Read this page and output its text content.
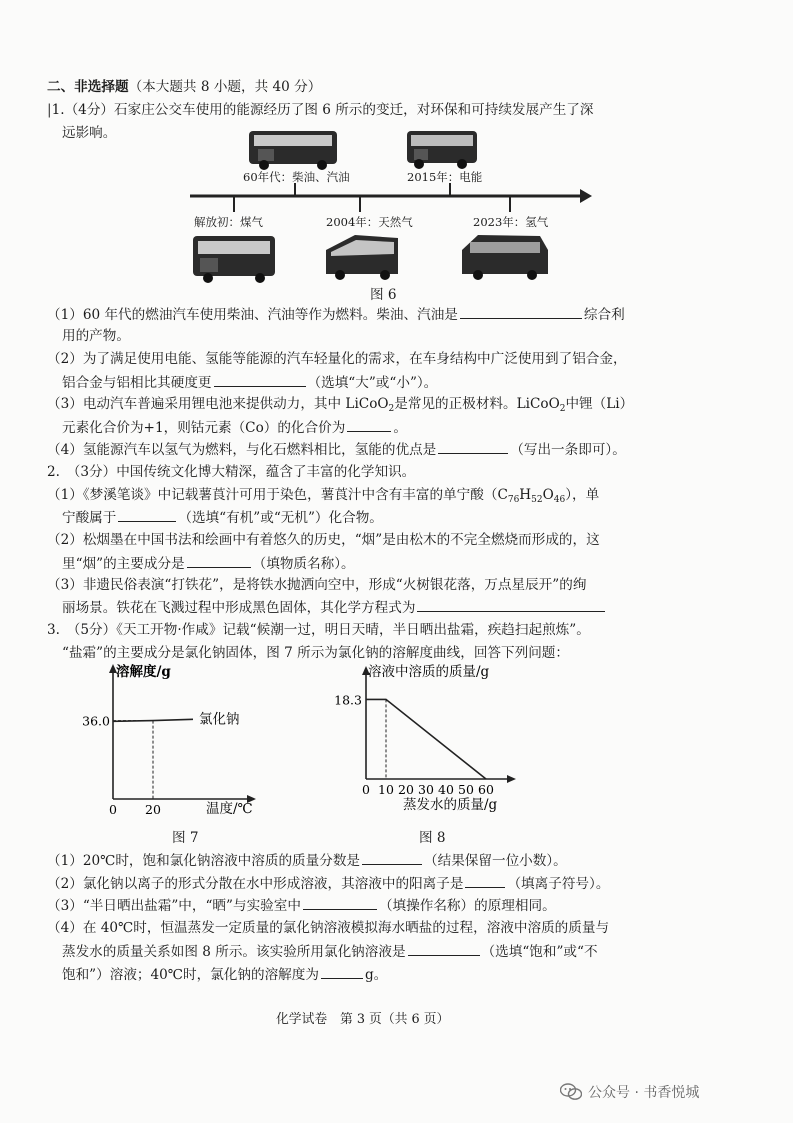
二、非选择题（本大题共 8 小题，共 40 分）
|1.（4分）石家庄公交车使用的能源经历了图 6 所示的变迁，对环保和可持续发展产生了深
远影响。
60年代：柴油、汽油	2015年：电能
解放初：煤气	2004年：天然气	2023年：氢气
图 6
（1）60 年代的燃油汽车使用柴油、汽油等作为燃料。柴油、汽油是	综合利
用的产物。
（2）为了满足使用电能、氢能等能源的汽车轻量化的需求，在车身结构中广泛使用到了铝合金，
铝合金与铝相比其硬度更	（选填“大”或“小”）。
（3）电动汽车普遍采用锂电池来提供动力，其中 LiCoO$_2$是常见的正极材料。LiCoO$_2$中锂（Li）
元素化合价为+1，则钴元素（Co）的化合价为	。
（4）氢能源汽车以氢气为燃料，与化石燃料相比，氢能的优点是	（写出一条即可）。
2.　（3分）中国传统文化博大精深，蕴含了丰富的化学知识。
（1）《梦溪笔谈》中记载薯莨汁可用于染色，薯莨汁中含有丰富的单宁酸$(C_{76}H_{52}O_{46})$，单
宁酸属于	（选填“有机”或“无机”）化合物。
（2）松烟墨在中国书法和绘画中有着悠久的历史，“烟”是由松木的不完全燃烧而形成的，这
里“烟”的主要成分是	（填物质名称）。
（3）非遗民俗表演“打铁花”，是将铁水抛洒向空中，形成“火树银花落，万点星辰开”的绚
丽场景。铁花在飞溅过程中形成黑色固体，其化学方程式为
3.　（5分）《天工开物·作咸》记载“候潮一过，明日天晴，半日晒出盐霜，疾趋扫起煎炼”。
“盐霜”的主要成分是氯化钠固体，图 7 所示为氯化钠的溶解度曲线，回答下列问题：
溶解度/g
温度/℃
氯化钠
36.0
0 20
溶液中溶质的质量/g
蒸发水的质量/g
18.3
0 10 20 30 40 50 60
图 7	图 8
（1）20℃时，饱和氯化钠溶液中溶质的质量分数是	（结果保留一位小数）。
（2）氯化钠以离子的形式分散在水中形成溶液，其溶液中的阳离子是	（填离子符号）。
（3）“半日晒出盐霜”中，“晒”与实验室中	（填操作名称）的原理相同。
（4）在 40℃时，恒温蒸发一定质量的氯化钠溶液模拟海水晒盐的过程，溶液中溶质的质量与
蒸发水的质量关系如图 8 所示。该实验所用氯化钠溶液是	（选填“饱和”或“不
饱和”）溶液；40℃时，氯化钠的溶解度为	g。
化学试卷　第 3 页（共 6 页）
公众号 · 书香悦城
